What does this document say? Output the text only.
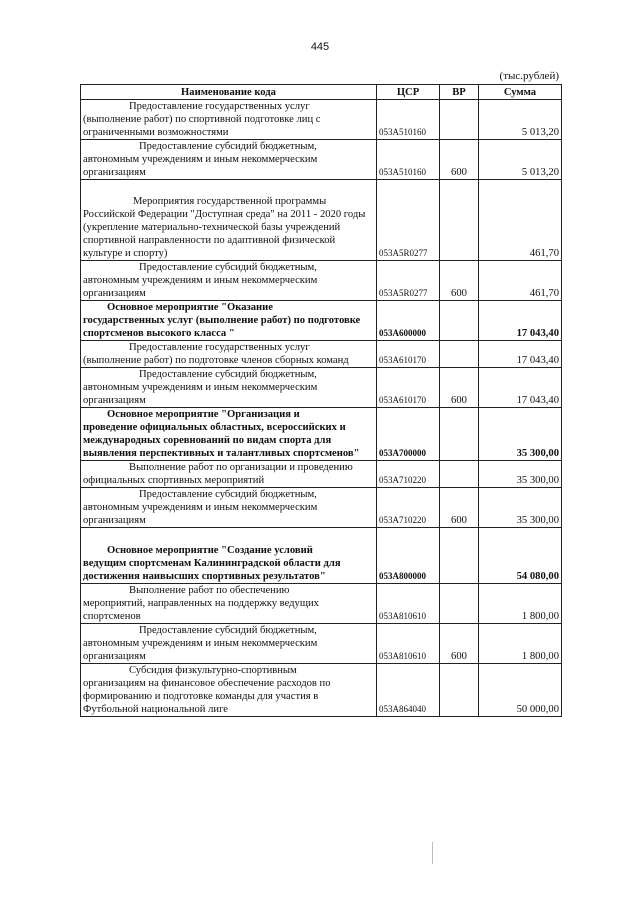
445
(тыс.рублей)
Наименование кода	ЦСР	ВР	Сумма
Предоставление государственных услуг
(выполнение работ) по спортивной подготовке лиц с ограниченными возможностями	053А510160		5 013,20
Предоставление субсидий бюджетным,
автономным учреждениям и иным некоммерческим организациям	053А510160	600	5 013,20
Мероприятия государственной программы
Российской Федерации "Доступная среда" на 2011 - 2020 годы (укрепление материально-технической базы учреждений спортивной направленности по адаптивной физической культуре и спорту)	053А5R0277		461,70
Предоставление субсидий бюджетным,
автономным учреждениям и иным некоммерческим организациям	053А5R0277	600	461,70
Основное мероприятие "Оказание
государственных услуг (выполнение работ) по подготовке спортсменов высокого класса "	053А600000		17 043,40
Предоставление государственных услуг
(выполнение работ) по подготовке членов сборных команд	053А610170		17 043,40
Предоставление субсидий бюджетным,
автономным учреждениям и иным некоммерческим организациям	053А610170	600	17 043,40
Основное мероприятие "Организация и
проведение официальных областных, всероссийских и международных соревнований по видам спорта для выявления перспективных и талантливых спортсменов"	053А700000		35 300,00
Выполнение работ по организации и проведению
официальных спортивных мероприятий	053А710220		35 300,00
Предоставление субсидий бюджетным,
автономным учреждениям и иным некоммерческим организациям	053А710220	600	35 300,00
Основное мероприятие "Создание условий
ведущим спортсменам Калининградской области для достижения наивысших спортивных результатов"	053А800000		54 080,00
Выполнение работ по обеспечению
мероприятий, направленных на поддержку ведущих спортсменов	053А810610		1 800,00
Предоставление субсидий бюджетным,
автономным учреждениям и иным некоммерческим организациям	053А810610	600	1 800,00
Субсидия физкультурно-спортивным
организациям на финансовое обеспечение расходов по формированию и подготовке команды для участия в Футбольной национальной лиге	053А864040		50 000,00
